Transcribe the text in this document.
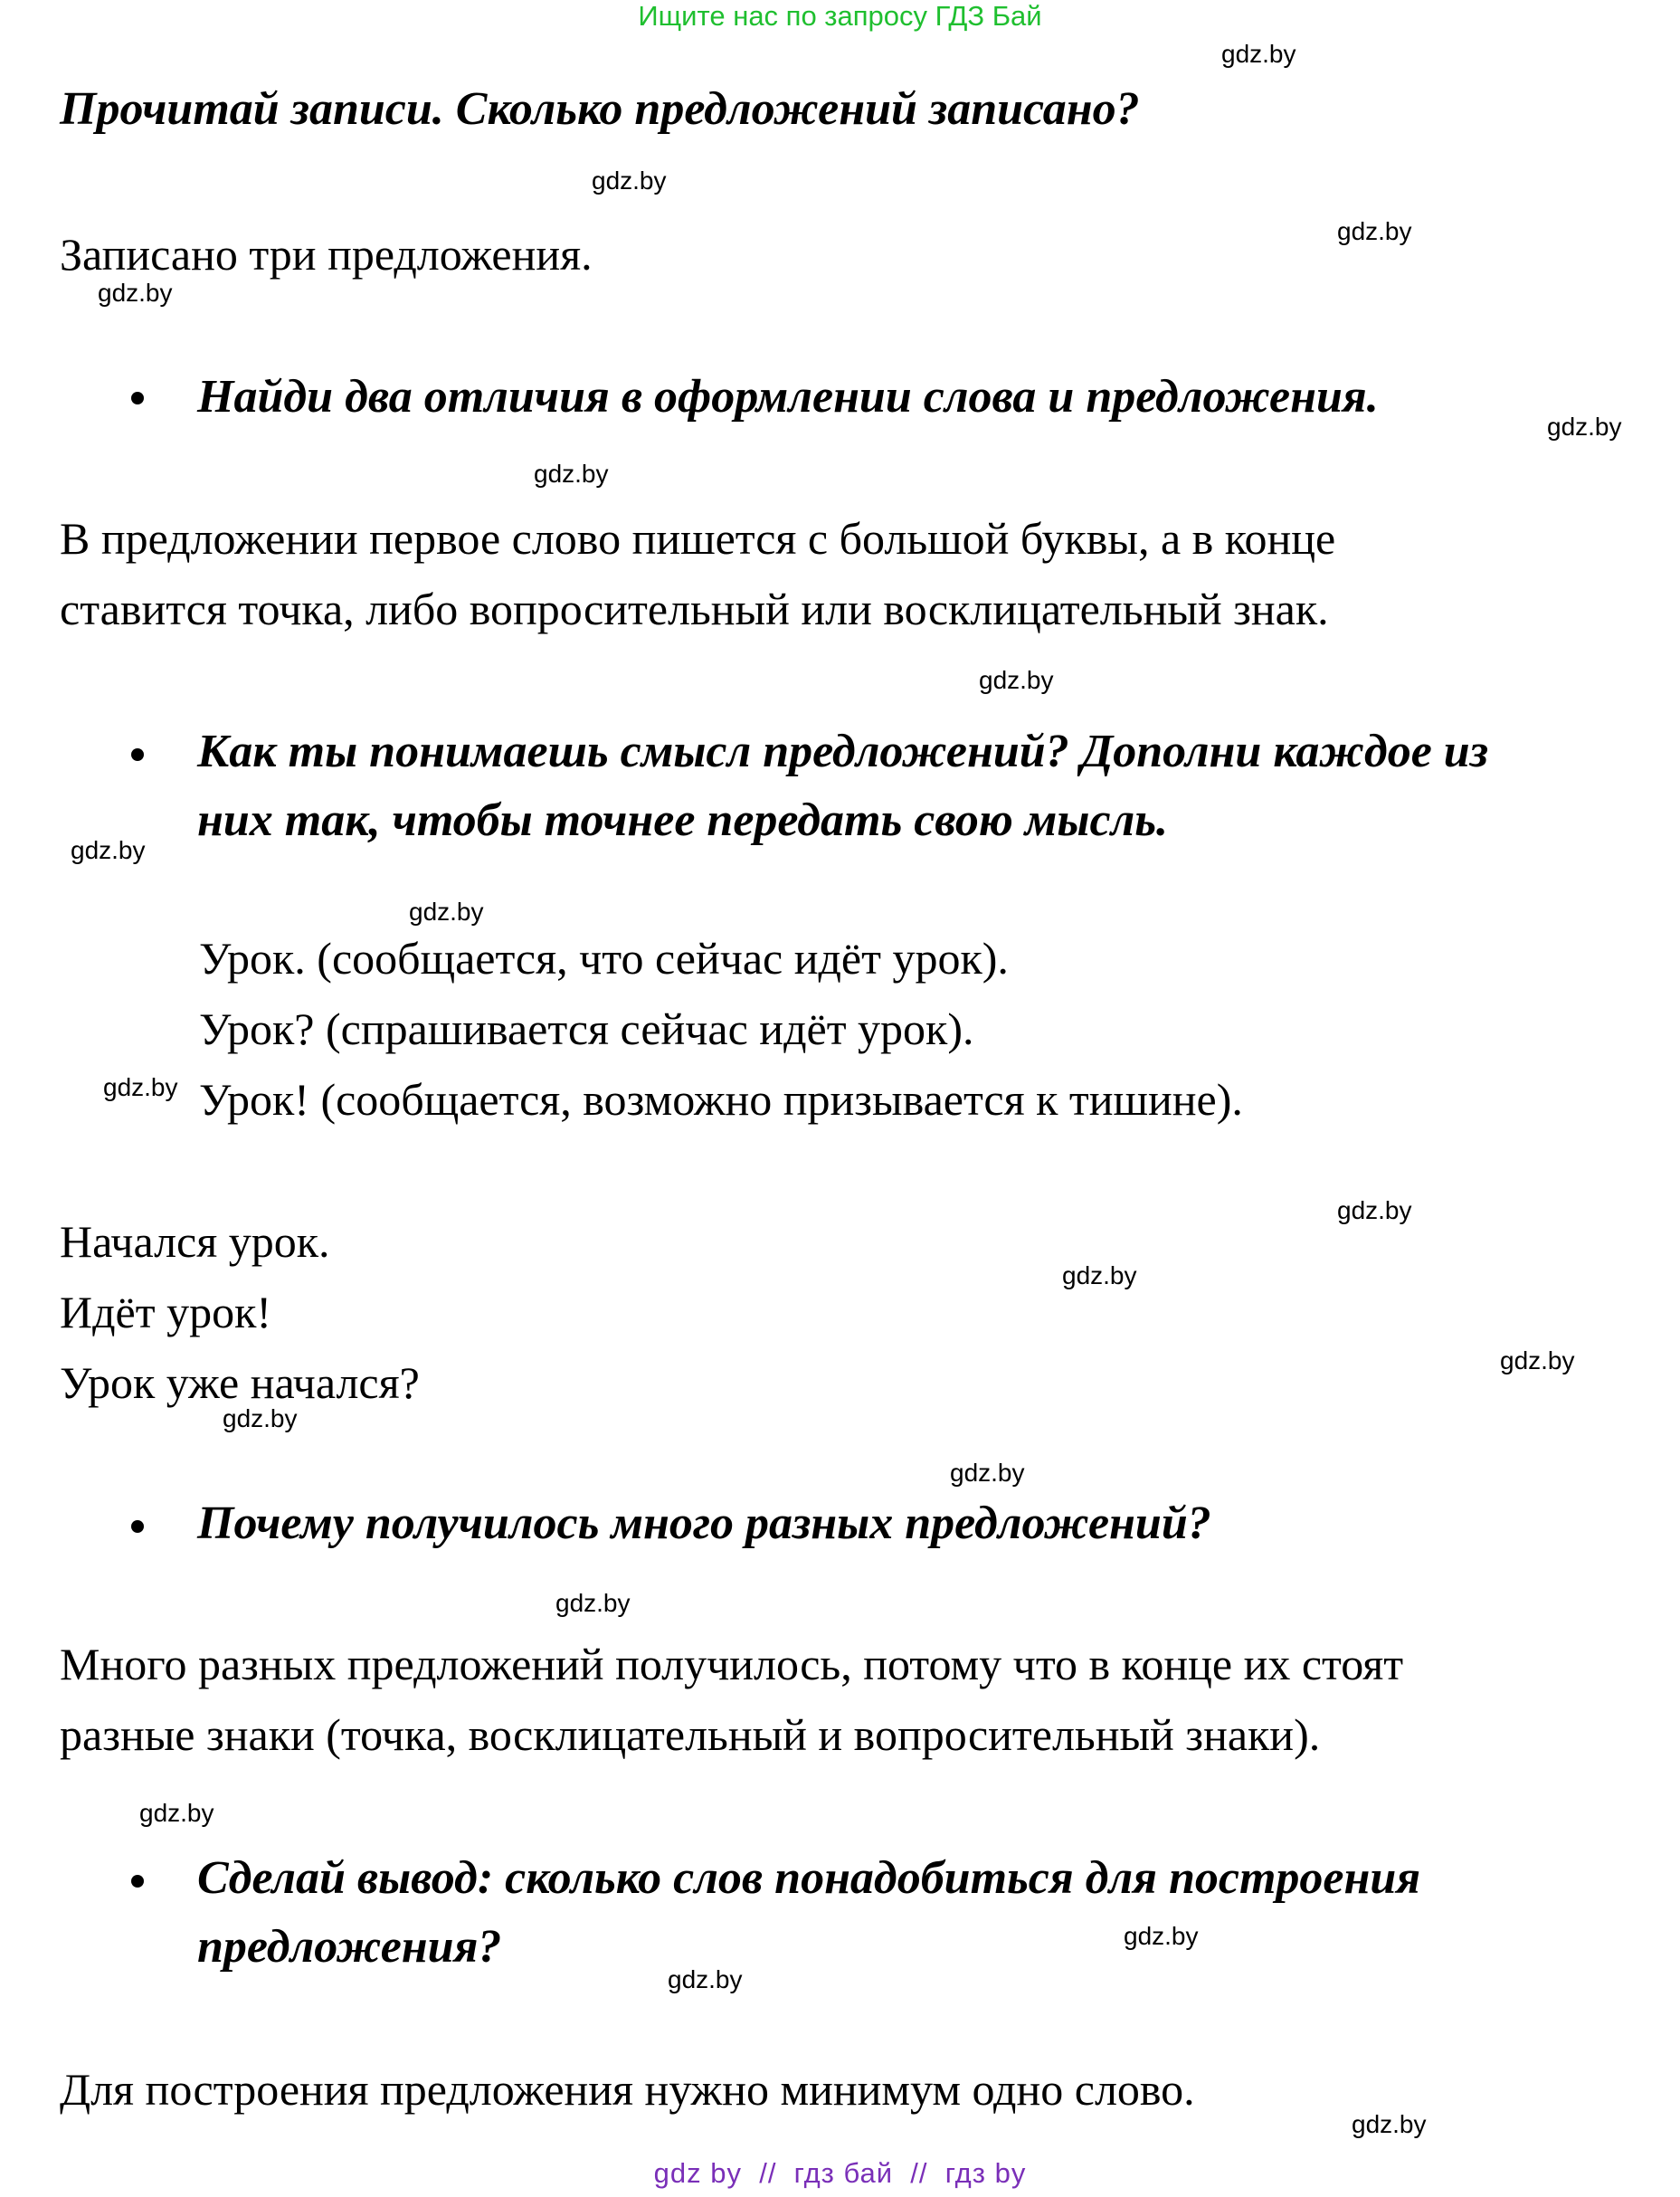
Ищите нас по запросу ГДЗ Бай
Прочитай записи. Сколько предложений записано?
Записано три предложения.
Найди два отличия в оформлении слова и предложения.
В предложении первое слово пишется с большой буквы, а в конце
ставится точка, либо вопросительный или восклицательный знак.
Как ты понимаешь смысл предложений? Дополни каждое из
них так, чтобы точнее передать свою мысль.
Урок. (сообщается, что сейчас идёт урок).
Урок? (спрашивается сейчас идёт урок).
Урок! (сообщается, возможно призывается к тишине).
Начался урок.
Идёт урок!
Урок уже начался?
Почему получилось много разных предложений?
Много разных предложений получилось, потому что в конце их стоят
разные знаки (точка, восклицательный и вопросительный знаки).
Сделай вывод: сколько слов понадобиться для построения
предложения?
Для построения предложения нужно минимум одно слово.
gdz.by
gdz.by
gdz.by
gdz.by
gdz.by
gdz.by
gdz.by
gdz.by
gdz.by
gdz.by
gdz.by
gdz.by
gdz.by
gdz.by
gdz.by
gdz.by
gdz.by
gdz.by
gdz.by
gdz.by
gdz by  //  гдз бай  //  гдз by
